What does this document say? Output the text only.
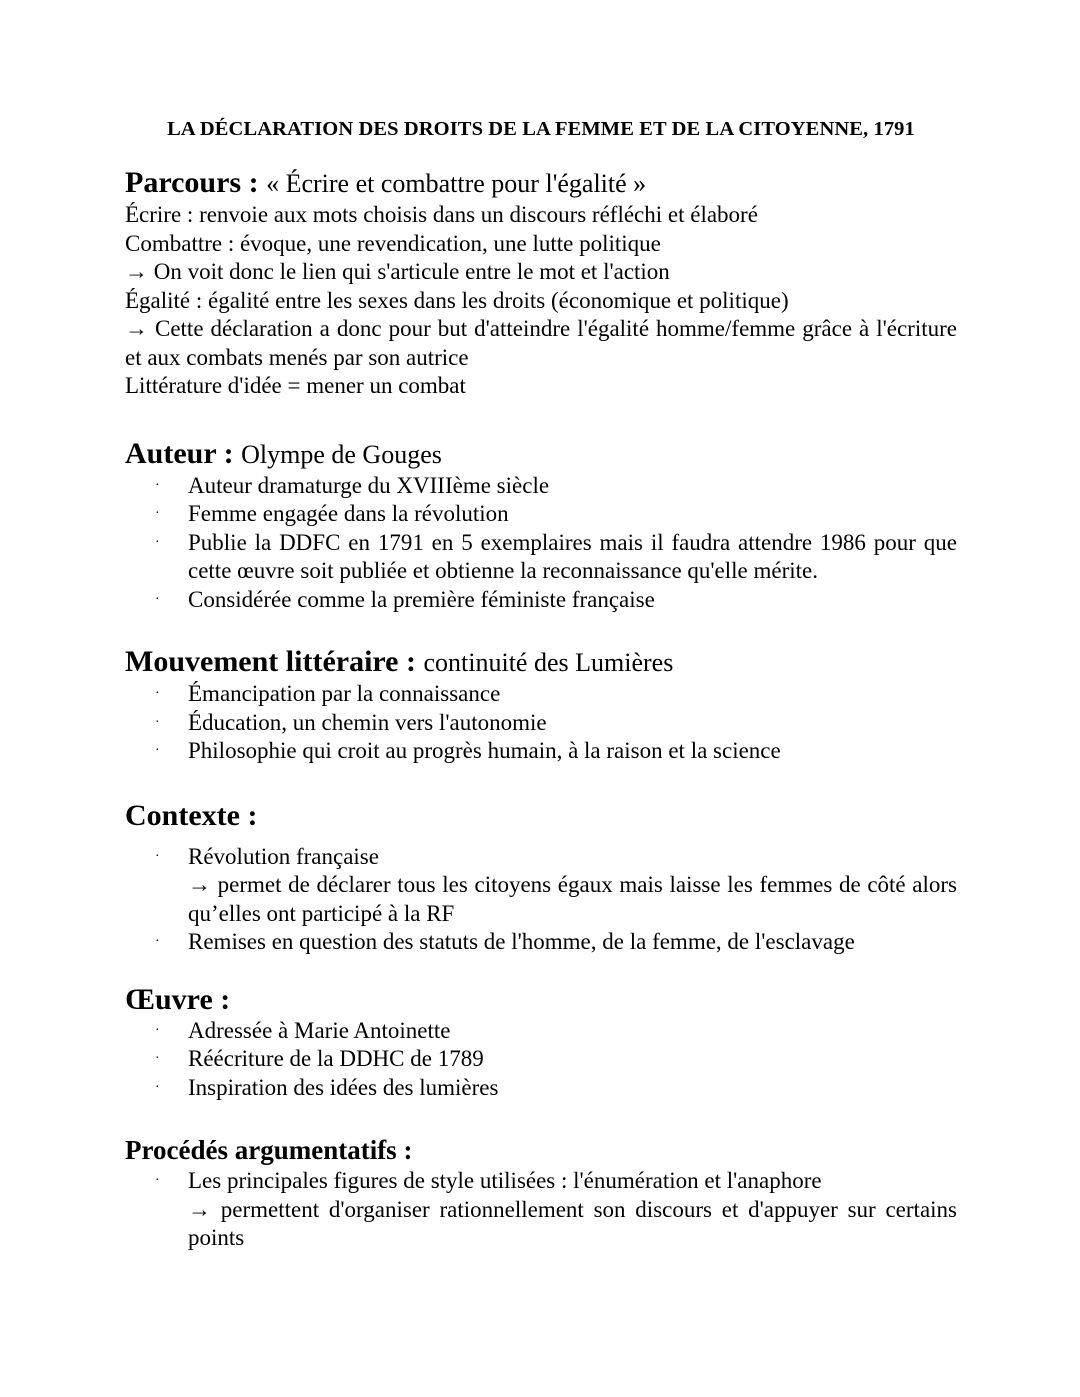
LA DÉCLARATION DES DROITS DE LA FEMME ET DE LA CITOYENNE, 1791
Parcours : « Écrire et combattre pour l'égalité »
Écrire : renvoie aux mots choisis dans un discours réfléchi et élaboré
Combattre : évoque, une revendication, une lutte politique
→ On voit donc le lien qui s'articule entre le mot et l'action
Égalité : égalité entre les sexes dans les droits (économique et politique)
→ Cette déclaration a donc pour but d'atteindre l'égalité homme/femme grâce à l'écriture et aux combats menés par son autrice
Littérature d'idée = mener un combat
Auteur : Olympe de Gouges
· Auteur dramaturge du XVIIIème siècle
· Femme engagée dans la révolution
· Publie la DDFC en 1791 en 5 exemplaires mais il faudra attendre 1986 pour que cette œuvre soit publiée et obtienne la reconnaissance qu'elle mérite.
· Considérée comme la première féministe française
Mouvement littéraire : continuité des Lumières
· Émancipation par la connaissance
· Éducation, un chemin vers l'autonomie
· Philosophie qui croit au progrès humain, à la raison et la science
Contexte :
· Révolution française
→ permet de déclarer tous les citoyens égaux mais laisse les femmes de côté alors qu’elles ont participé à la RF
· Remises en question des statuts de l'homme, de la femme, de l'esclavage
Œuvre :
· Adressée à Marie Antoinette
· Réécriture de la DDHC de 1789
· Inspiration des idées des lumières
Procédés argumentatifs :
· Les principales figures de style utilisées : l'énumération et l'anaphore
→ permettent d'organiser rationnellement son discours et d'appuyer sur certains points
